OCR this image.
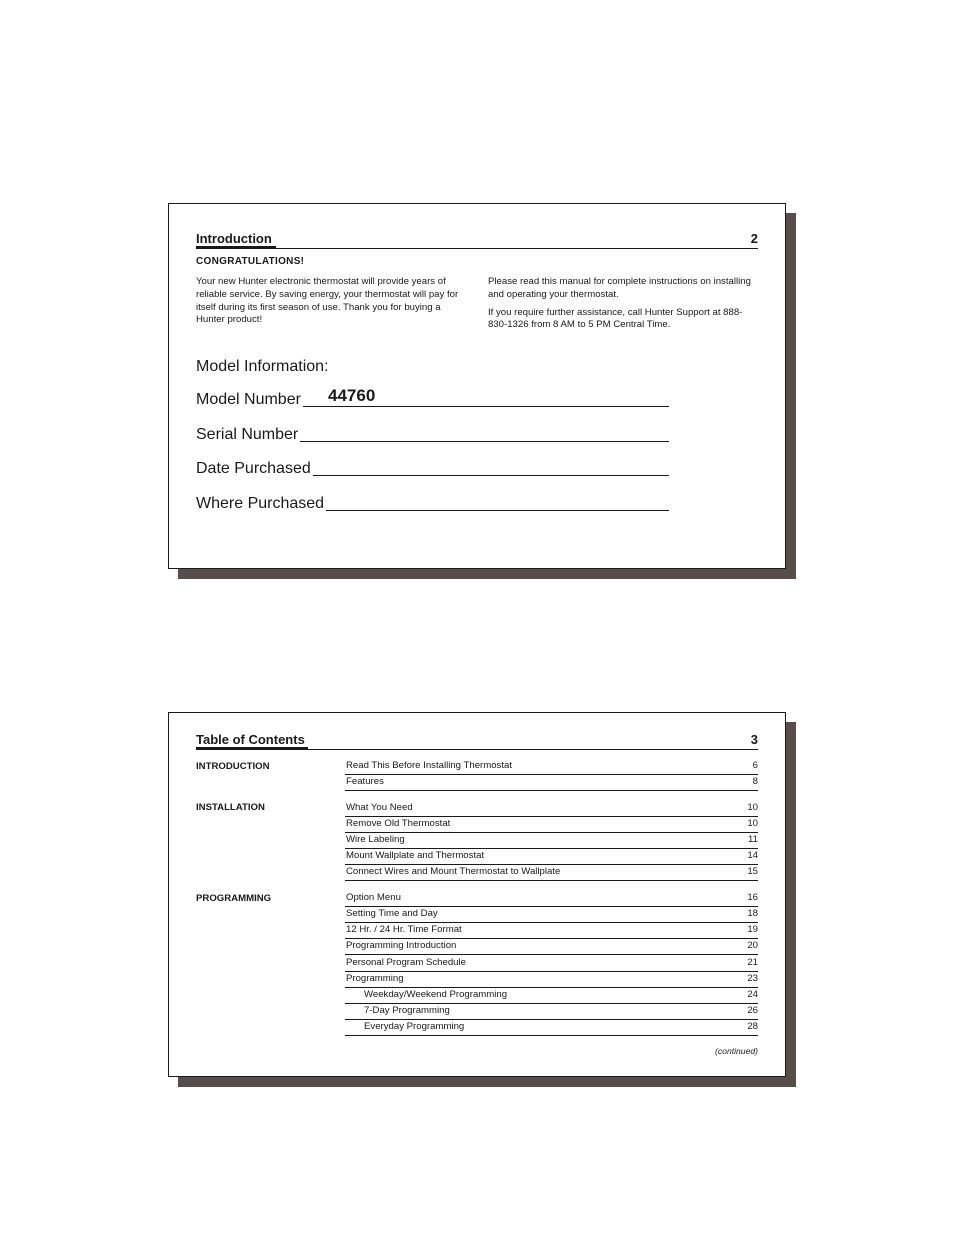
Introduction	2
CONGRATULATIONS!

Your new Hunter electronic thermostat will provide years of reliable service. By saving energy, your thermostat will pay for itself during its first season of use. Thank you for buying a Hunter product!

Please read this manual for complete instructions on installing and operating your thermostat.

If you require further assistance, call Hunter Support at 888-830-1326 from 8 AM to 5 PM Central Time.

Model Information:
Model Number 44760
Serial Number
Date Purchased
Where Purchased
Table of Contents	3
INTRODUCTION	Read This Before Installing Thermostat	6
Features	8
INSTALLATION	What You Need	10
Remove Old Thermostat	10
Wire Labeling	11
Mount Wallplate and Thermostat	14
Connect Wires and Mount Thermostat to Wallplate	15
PROGRAMMING	Option Menu	16
Setting Time and Day	18
12 Hr. / 24 Hr. Time Format	19
Programming Introduction	20
Personal Program Schedule	21
Programming	23
Weekday/Weekend Programming	24
7-Day Programming	26
Everyday Programming	28
(continued)
